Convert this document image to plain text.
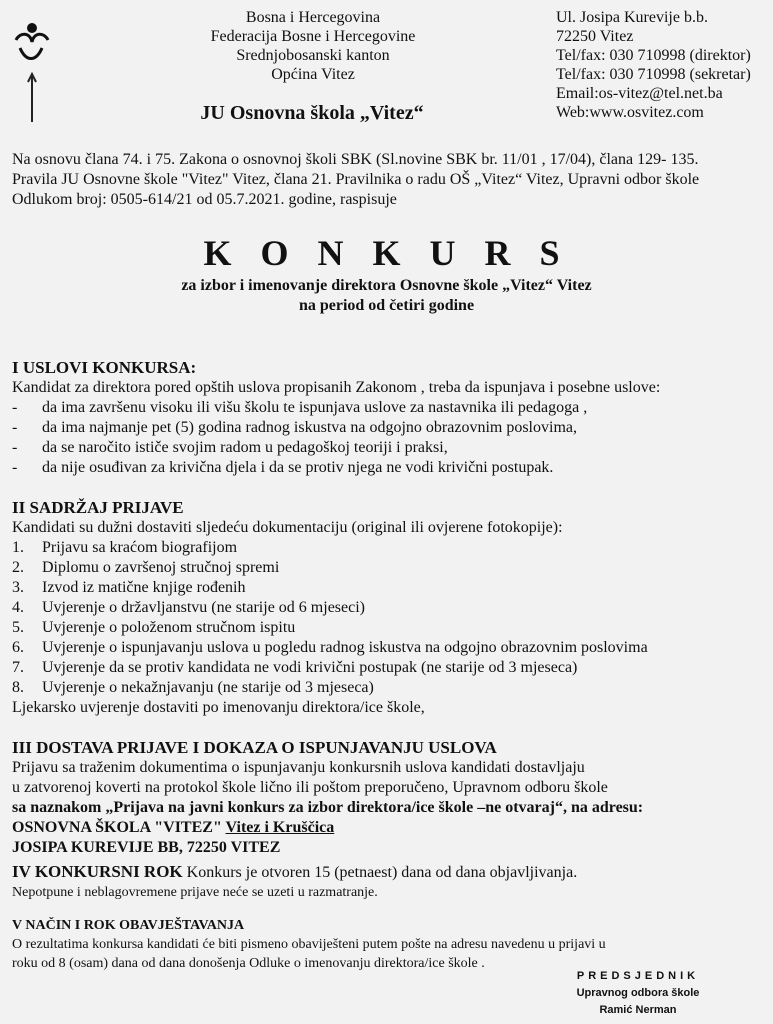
Bosna i Hercegovina
Federacija Bosne i Hercegovine
Srednjobosanski kanton
Općina Vitez
JU Osnovna škola „Vitez“
Ul. Josipa Kurevije b.b.
72250 Vitez
Tel/fax: 030 710998 (direktor)
Tel/fax: 030 710998 (sekretar)
Email:os-vitez@tel.net.ba
Web:www.osvitez.com
Na osnovu člana 74. i 75. Zakona o osnovnoj školi SBK (Sl.novine SBK br. 11/01 , 17/04), člana 129- 135.
Pravila JU Osnovne škole "Vitez" Vitez, člana 21. Pravilnika o radu OŠ „Vitez“ Vitez, Upravni odbor škole
Odlukom broj: 0505-614/21 od 05.7.2021. godine, raspisuje
K O N K U R S
za izbor i imenovanje direktora Osnovne škole „Vitez“ Vitez
na period od četiri godine
I USLOVI KONKURSA:
Kandidat za direktora pored opštih uslova propisanih Zakonom , treba da ispunjava i posebne uslove:
-	da ima završenu visoku ili višu školu te ispunjava uslove za nastavnika ili pedagoga ,
-	da ima najmanje pet (5) godina radnog iskustva na odgojno obrazovnim poslovima,
-	da se naročito ističe svojim radom u pedagoškoj teoriji i praksi,
-	da nije osuđivan za krivična djela i da se protiv njega ne vodi krivični postupak.
II SADRŽAJ PRIJAVE
Kandidati su dužni dostaviti sljedeću dokumentaciju (original ili ovjerene fotokopije):
1.	Prijavu sa kraćom biografijom
2.	Diplomu o završenoj stručnoj spremi
3.	Izvod iz matične knjige rođenih
4.	Uvjerenje o državljanstvu (ne starije od 6 mjeseci)
5.	Uvjerenje o položenom stručnom ispitu
6.	Uvjerenje o ispunjavanju uslova u pogledu radnog iskustva na odgojno obrazovnim poslovima
7.	Uvjerenje da se protiv kandidata ne vodi krivični postupak (ne starije od 3 mjeseca)
8.	Uvjerenje o nekažnjavanju (ne starije od 3 mjeseca)
Ljekarsko uvjerenje dostaviti po imenovanju direktora/ice škole,
III DOSTAVA PRIJAVE I DOKAZA O ISPUNJAVANJU USLOVA
Prijavu sa traženim dokumentima o ispunjavanju konkursnih uslova kandidati dostavljaju
u zatvorenoj koverti na protokol škole lično ili poštom preporučeno, Upravnom odboru škole
sa naznakom „Prijava na javni konkurs za izbor direktora/ice škole –ne otvaraj“, na adresu:
OSNOVNA ŠKOLA "VITEZ" Vitez i Kruščica
JOSIPA KUREVIJE BB, 72250 VITEZ
IV KONKURSNI ROK Konkurs je otvoren 15 (petnaest) dana od dana objavljivanja.
Nepotpune i neblagovremene prijave neće se uzeti u razmatranje.
V NAČIN I ROK OBAVJEŠTAVANJA
O rezultatima konkursa kandidati će biti pismeno obaviješteni putem pošte na adresu navedenu u prijavi u
roku od 8 (osam) dana od dana donošenja Odluke o imenovanju direktora/ice škole .
PREDSJEDNIK
Upravnog odbora škole
Ramić Nerman
